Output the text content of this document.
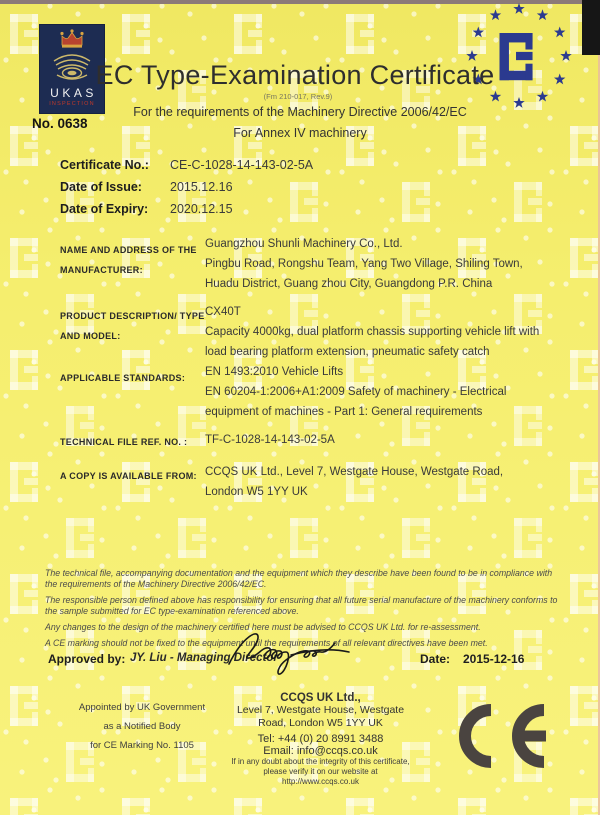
UKAS
INSPECTION
No. 0638
EC Type-Examination Certificate
(Fm 210-017, Rev.9)
For the requirements of the Machinery Directive 2006/42/EC
For Annex IV machinery
Certificate No.: CE-C-1028-14-143-02-5A
Date of Issue: 2015.12.16
Date of Expiry: 2020.12.15
NAME AND ADDRESS OF THE MANUFACTURER:
Guangzhou Shunli Machinery Co., Ltd.
Pingbu Road, Rongshu Team, Yang Two Village, Shiling Town,
Huadu District, Guang zhou City, Guangdong P.R. China
PRODUCT DESCRIPTION/ TYPE AND MODEL:
CX40T
Capacity 4000kg, dual platform chassis supporting vehicle lift with
load bearing platform extension, pneumatic safety catch
APPLICABLE STANDARDS:	EN 1493:2010 Vehicle Lifts
EN 60204-1:2006+A1:2009 Safety of machinery - Electrical
equipment of machines - Part 1: General requirements
TECHNICAL FILE REF. NO. :	TF-C-1028-14-143-02-5A
A COPY IS AVAILABLE FROM: CCQS UK Ltd., Level 7, Westgate House, Westgate Road,
London W5 1YY UK

The technical file, accompanying documentation and the equipment which they describe have been found to be in compliance with the requirements of the Machinery Directive 2006/42/EC.

The responsible person defined above has responsibility for ensuring that all future serial manufacture of the machinery conforms to the sample submitted for EC type-examination referenced above.

Any changes to the design of the machinery certified here must be advised to CCQS UK Ltd. for re-assessment.

A CE marking should not be fixed to the equipment until the requirements of all relevant directives have been met.

Approved by: JY. Liu - Managing Director	Date: 2015-12-16
Appointed by UK Government
as a Notified Body
for CE Marking No. 1105
CCQS UK Ltd.,
Level 7, Westgate House, Westgate
Road, London W5 1YY UK
Tel: +44 (0) 20 8991 3488
Email: info@ccqs.co.uk
If in any doubt about the integrity of this certificate,
please verify it on our website at
http://www.ccqs.co.uk
